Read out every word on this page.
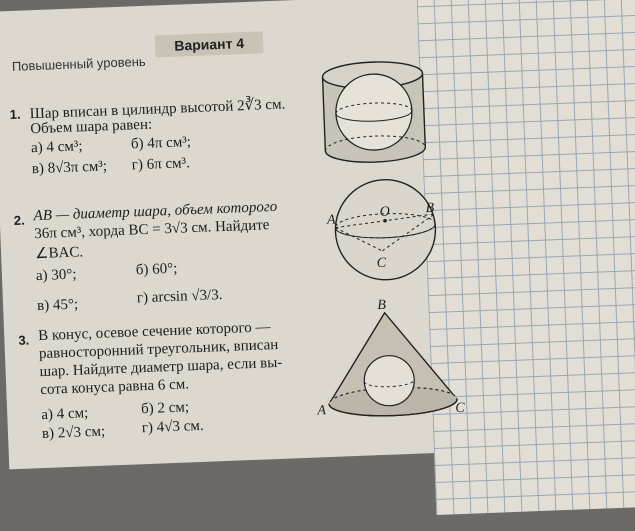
Повышенный уровень
Вариант 4
1. Шар вписан в цилиндр высотой 2∛3 см.
Объем шара равен:
а) 4 см³;	б) 4π см³;
в) 8√3π см³; г) 6π см³.
2. AB — диаметр шара, объем которого
36π см³, хорда BC = 3√3 см. Найдите
∠BAC.
а) 30°;	б) 60°;
в) 45°;	г) arcsin √3/3.
A
O	B
C
3. В конус, осевое сечение которого —
равносторонний треугольник, вписан
шар. Найдите диаметр шара, если вы-
сота конуса равна 6 см.
а) 4 см;	б) 2 см;
в) 2√3 см; г) 4√3 см.
B
A	C
